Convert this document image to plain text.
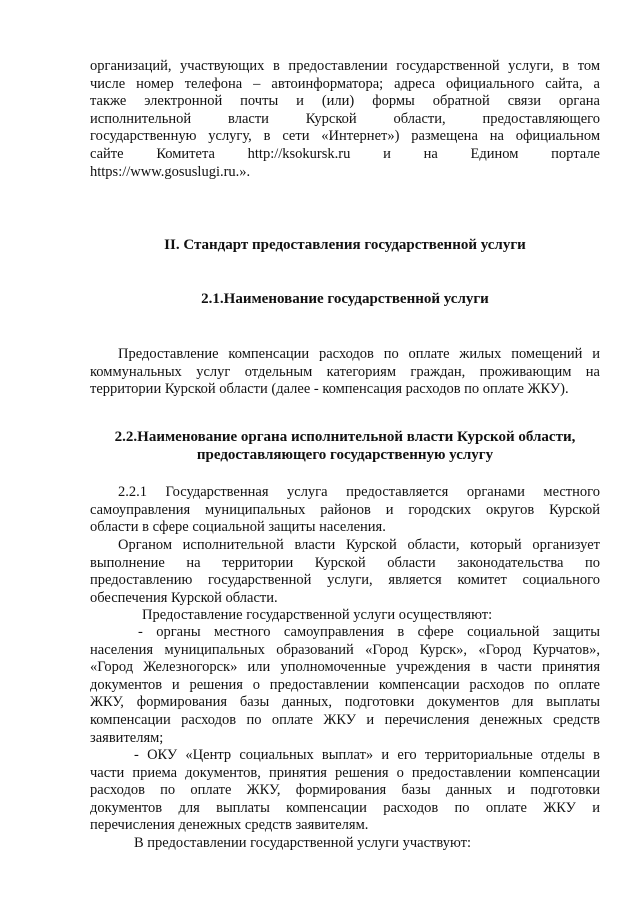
организаций, участвующих в предоставлении государственной услуги, в том
числе номер телефона – автоинформатора; адреса официального сайта, а
также электронной почты и (или) формы обратной связи органа
исполнительной власти Курской области, предоставляющего
государственную услугу, в сети «Интернет») размещена на официальном
сайте Комитета http://ksokursk.ru и на Едином портале
https://www.gosuslugi.ru.».
II. Стандарт предоставления государственной услуги
2.1.Наименование государственной услуги
Предоставление компенсации расходов по оплате жилых помещений и
коммунальных услуг отдельным категориям граждан, проживающим на
территории Курской области (далее - компенсация расходов по оплате ЖКУ).
2.2.Наименование органа исполнительной власти Курской области,
предоставляющего государственную услугу
2.2.1 Государственная услуга предоставляется органами местного
самоуправления муниципальных районов и городских округов Курской
области в сфере социальной защиты населения.
Органом исполнительной власти Курской области, который организует
выполнение на территории Курской области законодательства по
предоставлению государственной услуги, является комитет социального
обеспечения Курской области.
Предоставление государственной услуги осуществляют:
- органы местного самоуправления в сфере социальной защиты
населения муниципальных образований «Город Курск», «Город Курчатов»,
«Город Железногорск» или уполномоченные учреждения в части принятия
документов и решения о предоставлении компенсации расходов по оплате
ЖКУ, формирования базы данных, подготовки документов для выплаты
компенсации расходов по оплате ЖКУ и перечисления денежных средств
заявителям;
- ОКУ «Центр социальных выплат» и его территориальные отделы в
части приема документов, принятия решения о предоставлении компенсации
расходов по оплате ЖКУ, формирования базы данных и подготовки
документов для выплаты компенсации расходов по оплате ЖКУ и
перечисления денежных средств заявителям.
В предоставлении государственной услуги участвуют:
